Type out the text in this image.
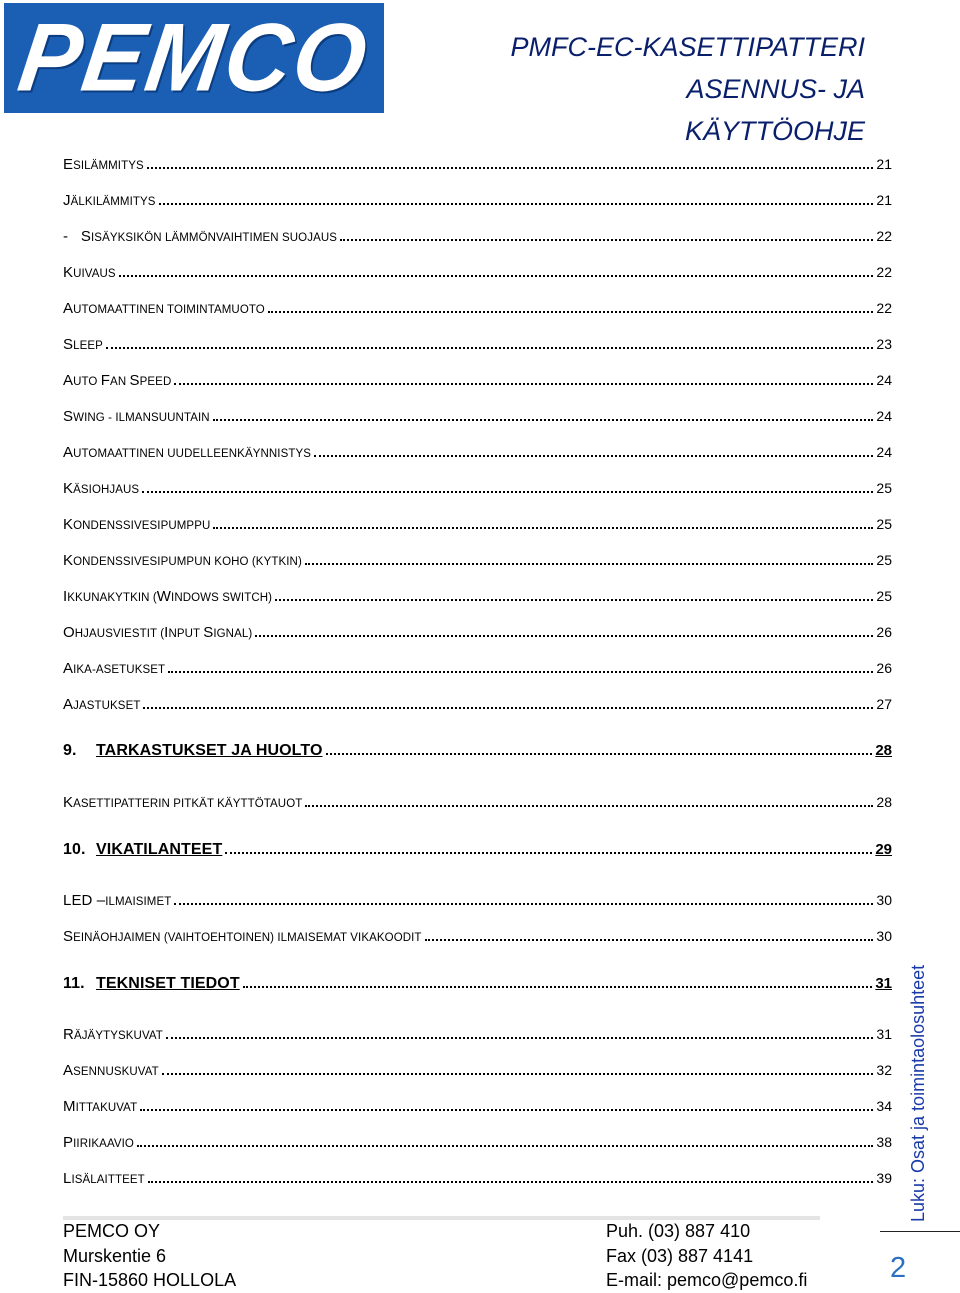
PEMCO	PMFC-EC-KASETTIPATTERI
ASENNUS- JA KÄYTTÖOHJE
ESILÄMMITYS	21
JÄLKILÄMMITYS	21
-   SISÄYKSIKÖN LÄMMÖNVAIHTIMEN SUOJAUS	22
KUIVAUS	22
AUTOMAATTINEN TOIMINTAMUOTO	22
SLEEP	23
AUTO FAN SPEED	24
SWING - ILMANSUUNTAIN	24
AUTOMAATTINEN UUDELLEENKÄYNNISTYS	24
KÄSIOHJAUS	25
KONDENSSIVESIPUMPPU	25
KONDENSSIVESIPUMPUN KOHO (KYTKIN)	25
IKKUNAKYTKIN (WINDOWS SWITCH)	25
OHJAUSVIESTIT (INPUT SIGNAL)	26
AIKA-ASETUKSET	26
AJASTUKSET	27
9. TARKASTUKSET JA HUOLTO	28
KASETTIPATTERIN PITKÄT KÄYTTÖTAUOT	28
10. VIKATILANTEET	29
LED –ILMAISIMET	30
SEINÄOHJAIMEN (VAIHTOEHTOINEN) ILMAISEMAT VIKAKOODIT	30
11. TEKNISET TIEDOT	31
RÄJÄYTYSKUVAT	31
ASENNUSKUVAT	32
MITTAKUVAT	34
PIIRIKAAVIO	38
LISÄLAITTEET	39
PEMCO OY
Murskentie 6
FIN-15860 HOLLOLA
Puh. (03) 887 410
Fax (03) 887 4141
E-mail: pemco@pemco.fi
Luku: Osat ja toimintaolosuhteet
2
